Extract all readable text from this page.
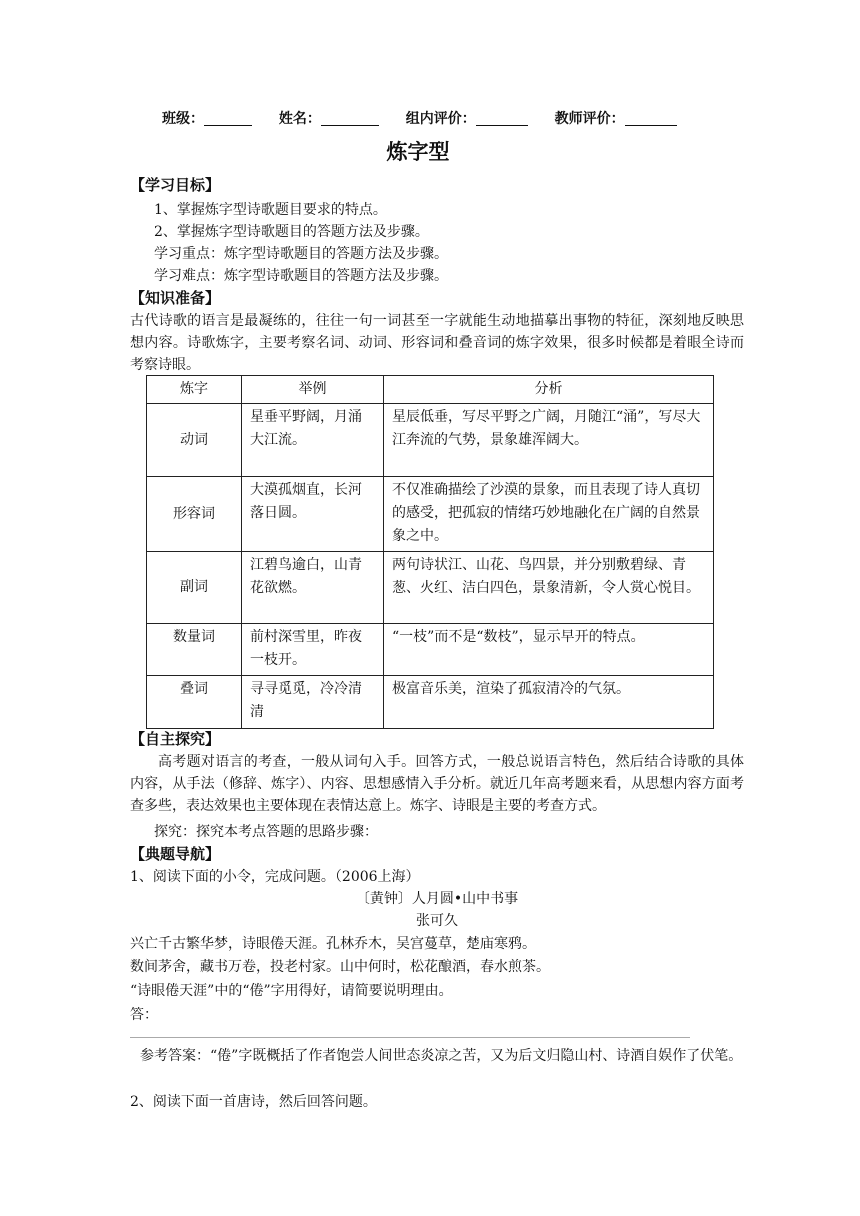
班级：	姓名：	组内评价：	教师评价：
炼字型
【学习目标】
1、掌握炼字型诗歌题目要求的特点。
2、掌握炼字型诗歌题目的答题方法及步骤。
学习重点：炼字型诗歌题目的答题方法及步骤。
学习难点：炼字型诗歌题目的答题方法及步骤。
【知识准备】
古代诗歌的语言是最凝练的，往往一句一词甚至一字就能生动地描摹出事物的特征，深刻地反映思想内容。诗歌炼字，主要考察名词、动词、形容词和叠音词的炼字效果，很多时候都是着眼全诗而考察诗眼。
炼字	举例	分析
动词	星垂平野阔，月涌大江流。	星辰低垂，写尽平野之广阔，月随江“涌”，写尽大江奔流的气势，景象雄浑阔大。
形容词	大漠孤烟直，长河落日圆。	不仅准确描绘了沙漠的景象，而且表现了诗人真切的感受，把孤寂的情绪巧妙地融化在广阔的自然景象之中。
副词	江碧鸟逾白，山青花欲燃。	两句诗状江、山花、鸟四景，并分别敷碧绿、青葱、火红、洁白四色，景象清新，令人赏心悦目。
数量词	前村深雪里，昨夜一枝开。	“一枝”而不是“数枝”，显示早开的特点。
叠词	寻寻觅觅，冷冷清清	极富音乐美，渲染了孤寂清冷的气氛。
【自主探究】
高考题对语言的考查，一般从词句入手。回答方式，一般总说语言特色，然后结合诗歌的具体内容，从手法（修辞、炼字）、内容、思想感情入手分析。就近几年高考题来看，从思想内容方面考查多些，表达效果也主要体现在表情达意上。炼字、诗眼是主要的考查方式。
探究：探究本考点答题的思路步骤：
【典题导航】
1、阅读下面的小令，完成问题。（2006上海）
〔黄钟〕人月圆•山中书事
张可久
兴亡千古繁华梦，诗眼倦天涯。孔林乔木，吴宫蔓草，楚庙寒鸦。
数间茅舍，藏书万卷，投老村家。山中何时，松花酿酒，春水煎茶。
“诗眼倦天涯”中的“倦”字用得好，请简要说明理由。
答：
参考答案：“倦”字既概括了作者饱尝人间世态炎凉之苦，又为后文归隐山村、诗酒自娱作了伏笔。
2、阅读下面一首唐诗，然后回答问题。
